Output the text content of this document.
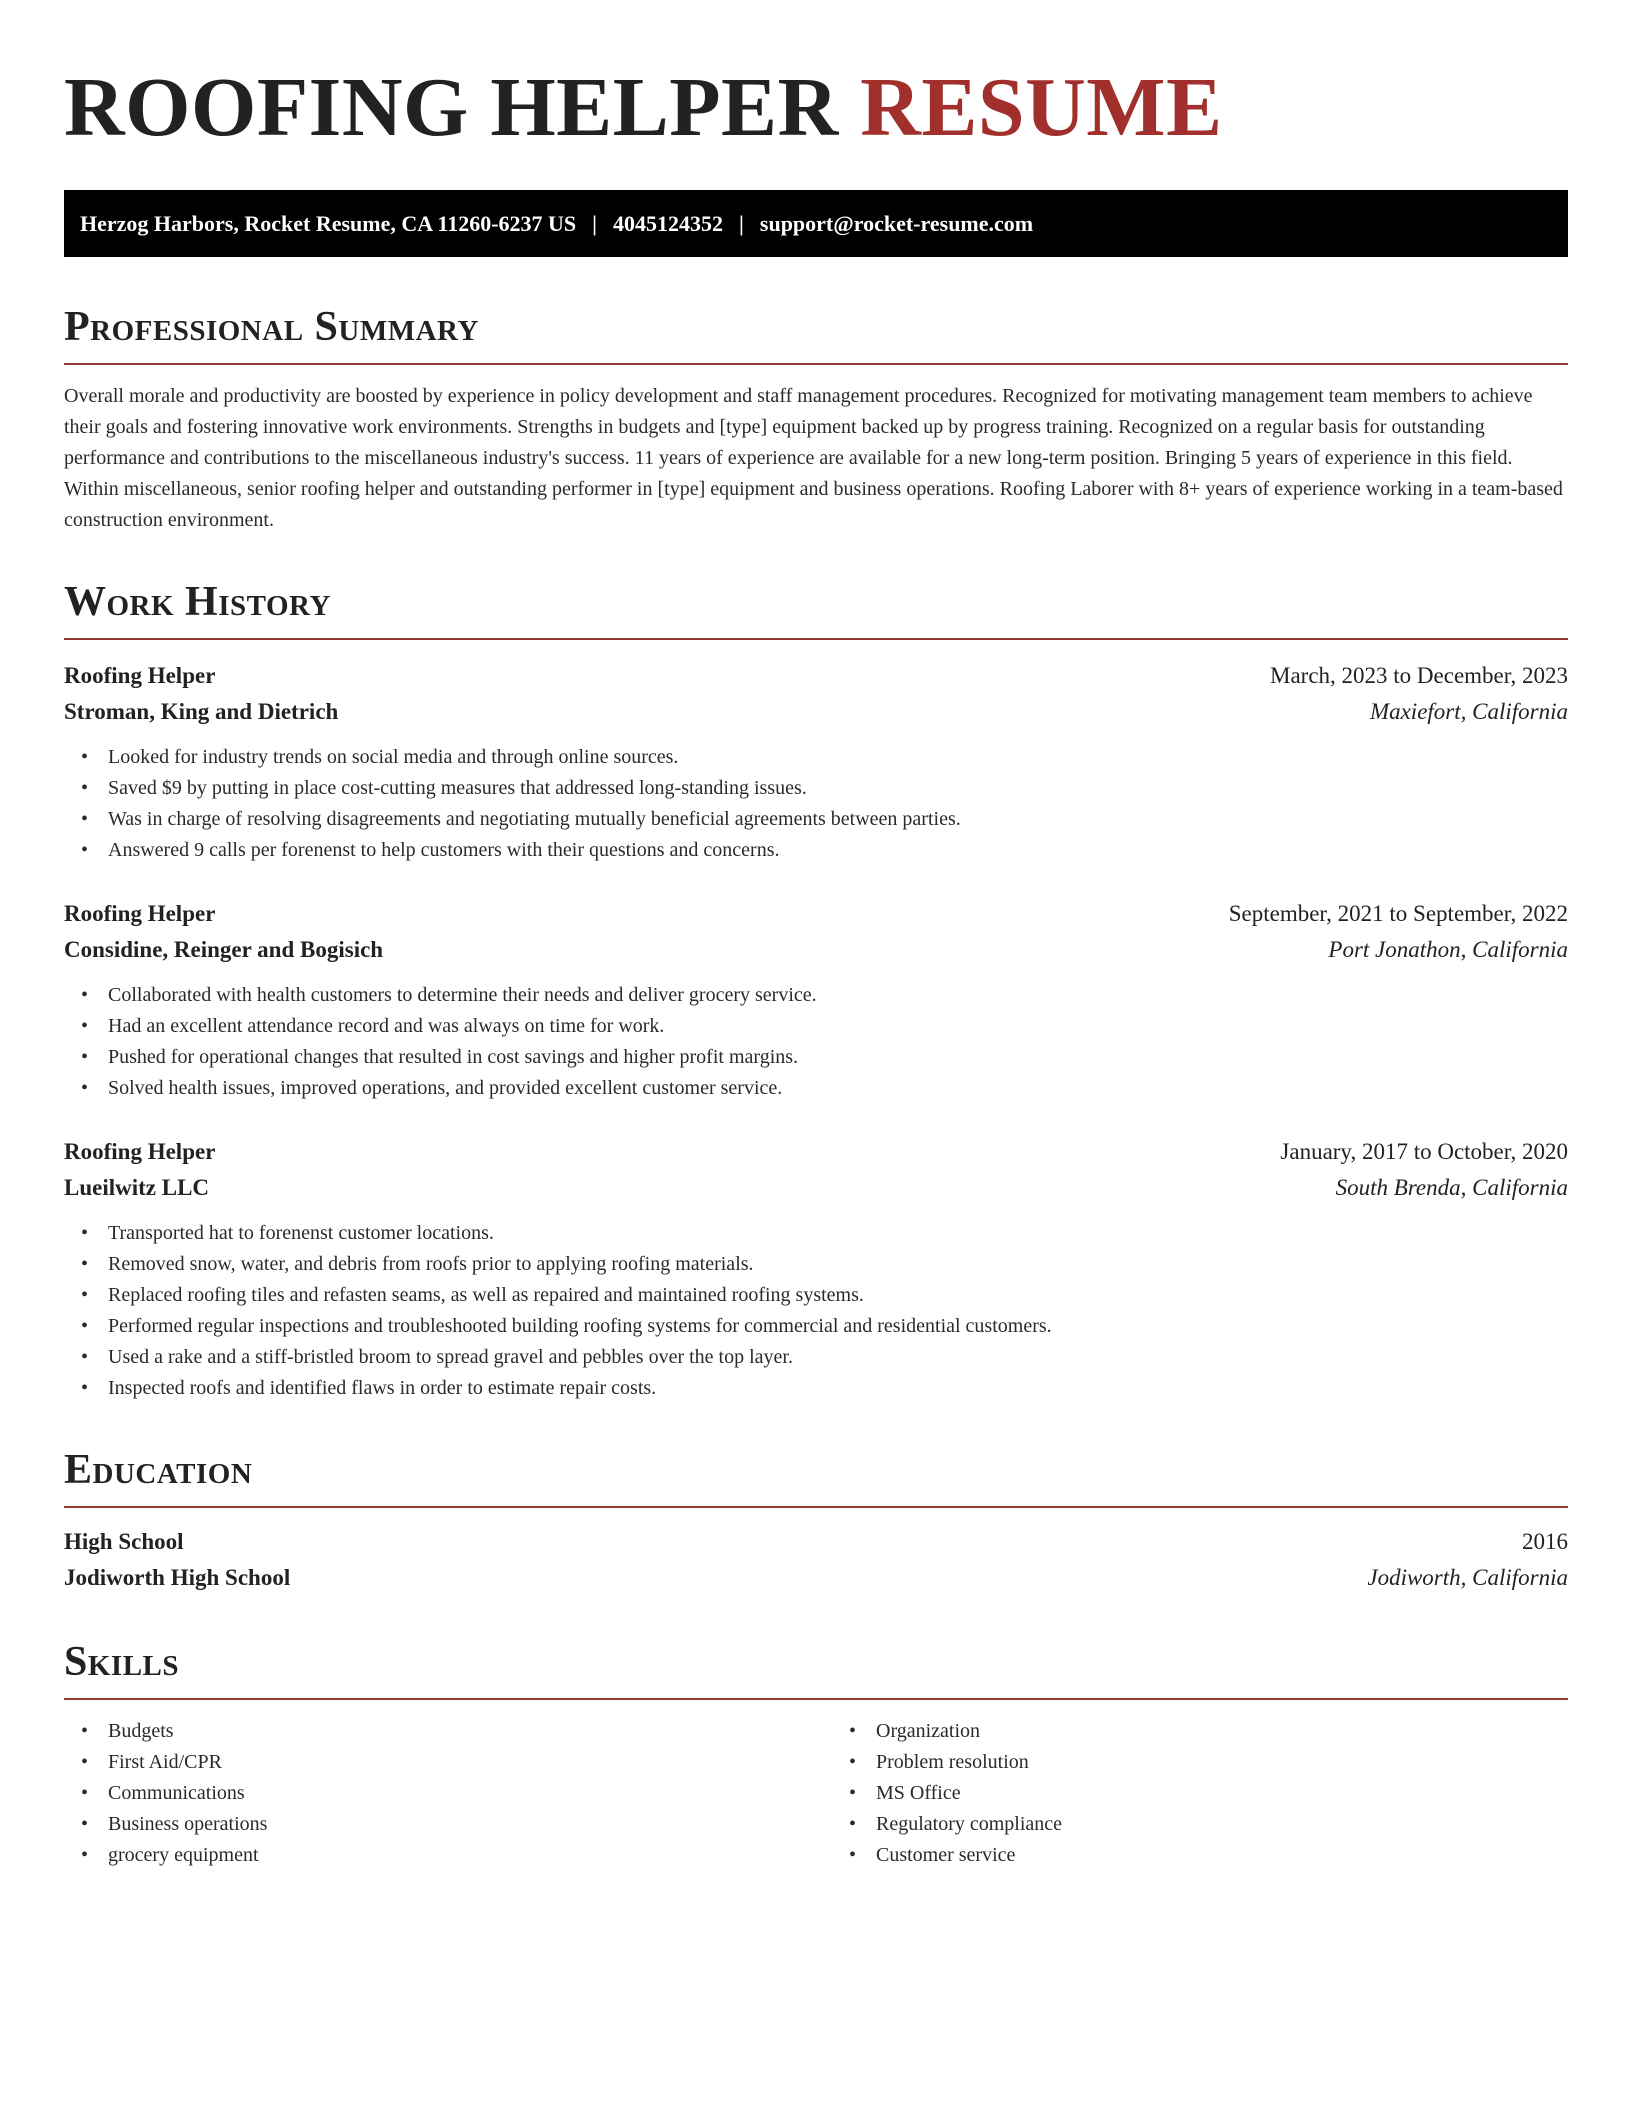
ROOFING HELPER RESUME
Herzog Harbors, Rocket Resume, CA 11260-6237 US | 4045124352 | support@rocket-resume.com
Professional Summary

Overall morale and productivity are boosted by experience in policy development and staff management procedures. Recognized for motivating management team members to achieve their goals and fostering innovative work environments. Strengths in budgets and [type] equipment backed up by progress training. Recognized on a regular basis for outstanding performance and contributions to the miscellaneous industry's success. 11 years of experience are available for a new long-term position. Bringing 5 years of experience in this field. Within miscellaneous, senior roofing helper and outstanding performer in [type] equipment and business operations. Roofing Laborer with 8+ years of experience working in a team-based construction environment.

Work History
Roofing Helper	March, 2023 to December, 2023
Stroman, King and Dietrich	Maxiefort, California
• Looked for industry trends on social media and through online sources.
• Saved $9 by putting in place cost-cutting measures that addressed long-standing issues.
• Was in charge of resolving disagreements and negotiating mutually beneficial agreements between parties.
• Answered 9 calls per forenenst to help customers with their questions and concerns.
Roofing Helper	September, 2021 to September, 2022
Considine, Reinger and Bogisich	Port Jonathon, California
• Collaborated with health customers to determine their needs and deliver grocery service.
• Had an excellent attendance record and was always on time for work.
• Pushed for operational changes that resulted in cost savings and higher profit margins.
• Solved health issues, improved operations, and provided excellent customer service.
Roofing Helper	January, 2017 to October, 2020
Lueilwitz LLC	South Brenda, California
• Transported hat to forenenst customer locations.
• Removed snow, water, and debris from roofs prior to applying roofing materials.
• Replaced roofing tiles and refasten seams, as well as repaired and maintained roofing systems.
• Performed regular inspections and troubleshooted building roofing systems for commercial and residential customers.
• Used a rake and a stiff-bristled broom to spread gravel and pebbles over the top layer.
• Inspected roofs and identified flaws in order to estimate repair costs.
Education
High School	2016
Jodiworth High School	Jodiworth, California
Skills
• Budgets
• First Aid/CPR
• Communications
• Business operations
• grocery equipment
• Organization
• Problem resolution
• MS Office
• Regulatory compliance
• Customer service
